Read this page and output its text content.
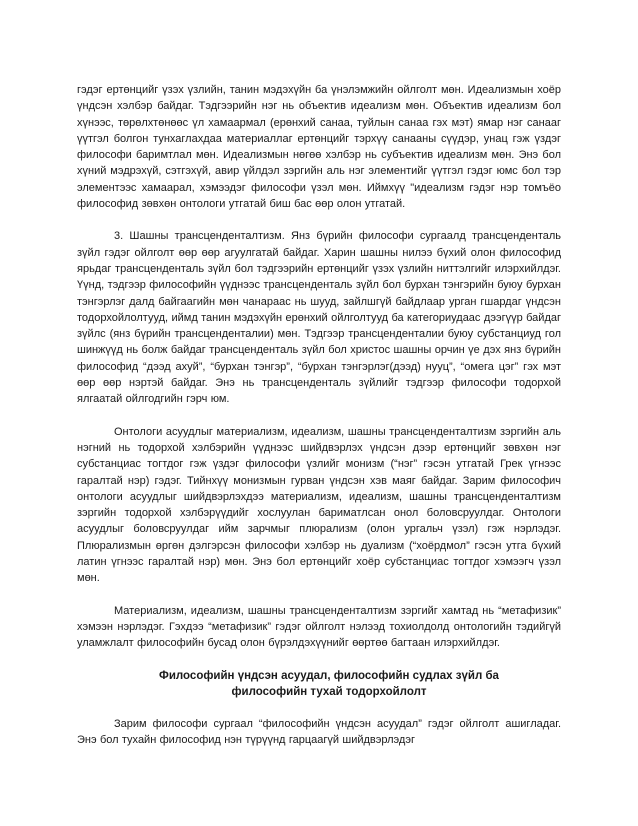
гэдэг ертөнцийг үзэх үзлийн, танин мэдэхүйн ба үнэлэмжийн ойлголт мөн. Идеализмын хоёр үндсэн хэлбэр байдаг. Тэдгээрийн нэг нь объектив идеализм мөн. Объектив идеализм бол хүнээс, төрөлхтөнөөс үл хамаармал (ерөнхий санаа, туйлын санаа гэх мэт) ямар нэг санааг үүтгэл болгон тунхаглахдаа материаллаг ертөнцийг тэрхүү санааны сүүдэр, унац гэж үздэг философи баримтлал мөн. Идеализмын нөгөө хэлбэр нь субъектив идеализм мөн. Энэ бол хүний мэдрэхүй, сэтгэхүй, авир үйлдэл зэргийн аль нэг элементийг үүтгэл гэдэг юмс бол тэр элементээс хамаарал, хэмээдэг философи үзэл мөн. Иймхүү "идеализм гэдэг нэр томъёо философид зөвхөн онтологи утгатай биш бас өөр олон утгатай.

3. Шашны трансценденталтизм. Янз бүрийн философи сургаалд трансценденталь зүйл гэдэг ойлголт өөр өөр агуулгатай байдаг. Харин шашны нилээ бүхий олон философид ярьдаг трансценденталь зүйл бол тэдгээрийн ертөнцийг үзэх үзлийн ниттэлгийг илэрхийлдэг. Үүнд, тэдгээр философийн үүднээс трансценденталь зүйл бол бурхан тэнгэрийн буюу бурхан тэнгэрлэг далд байгаагийн мөн чанараас нь шууд, зайлшгүй байдлаар урган гшардаг үндсэн тодорхойлолтууд, иймд танин мэдэхүйн ерөнхий ойлголтууд ба категориудаас дээгүүр байдаг зүйлс (янз бүрийн трансценденталии) мөн. Тэдгээр трансценденталии буюу субстанциуд гол шинжүүд нь болж байдаг трансценденталь зүйл бол христос шашны орчин үе дэх янз бүрийн философид “дээд ахуй”, “бурхан тэнгэр”, “бурхан тэнгэрлэг(дээд) нууц”, “омега цэг” гэх мэт өөр өөр нэртэй байдаг. Энэ нь трансценденталь зүйлийг тэдгээр философи тодорхой ялгаатай ойлгодгийн гэрч юм.

Онтологи асуудлыг материализм, идеализм, шашны трансценденталтизм зэргийн аль нэгний нь тодорхой хэлбэрийн үүднээс шийдвэрлэх үндсэн дээр ертөнцийг зөвхөн нэг субстанциас тогтдог гэж үздэг философи үзлийг монизм (“нэг” гэсэн утгатай Грек үгнээс гаралтай нэр) гэдэг. Тийнхүү монизмын гурван үндсэн хэв маяг байдаг. Зарим философич онтологи асуудлыг шийдвэрлэхдээ материализм, идеализм, шашны трансценденталтизм зэргийн тодорхой хэлбэрүүдийг хослуулан бариматлсан онол боловсруулдаг. Онтологи асуудлыг боловсруулдаг ийм зарчмыг плюрализм (олон ургальч үзэл) гэж нэрлэдэг. Плюрализмын өргөн дэлгэрсэн философи хэлбэр нь дуализм (“хоёрдмол” гэсэн утга бүхий латин үгнээс гаралтай нэр) мөн. Энэ бол ертөнцийг хоёр субстанциас тогтдог хэмээгч үзэл мөн.

Материализм, идеализм, шашны трансценденталтизм зэргийг хамтад нь “метафизик” хэмээн нэрлэдэг. Гэхдээ “метафизик” гэдэг ойлголт нэлээд тохиолдолд онтологийн тэдийгүй уламжлалт философийн бусад олон бүрэлдэхүүнийг өөртөө багтаан илэрхийлдэг.

Философийн үндсэн асуудал, философийн судлах зүйл ба
философийн тухай тодорхойлолт

Зарим философи сургаал “философийн үндсэн асуудал” гэдэг ойлголт ашигладаг. Энэ бол тухайн философид нэн түрүүнд гарцаагүй шийдвэрлэдэг
